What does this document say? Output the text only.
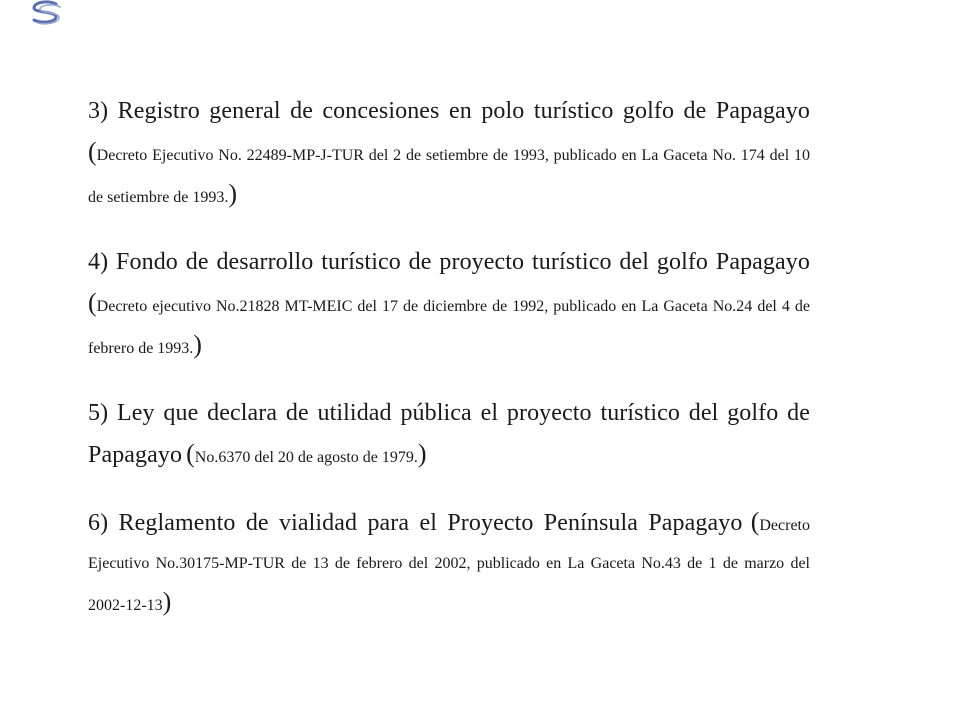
3) Registro general de concesiones en polo turístico golfo de Papagayo (Decreto Ejecutivo No. 22489-MP-J-TUR del 2 de setiembre de 1993, publicado en La Gaceta No. 174 del 10 de setiembre de 1993.)

4) Fondo de desarrollo turístico de proyecto turístico del golfo Papagayo (Decreto ejecutivo No.21828 MT-MEIC del 17 de diciembre de 1992, publicado en La Gaceta No.24 del 4 de febrero de 1993.)

5) Ley que declara de utilidad pública el proyecto turístico del golfo de Papagayo (No.6370 del 20 de agosto de 1979.)

6) Reglamento de vialidad para el Proyecto Península Papagayo (Decreto Ejecutivo No.30175-MP-TUR de 13 de febrero del 2002, publicado en La Gaceta No.43 de 1 de marzo del 2002-12-13)
